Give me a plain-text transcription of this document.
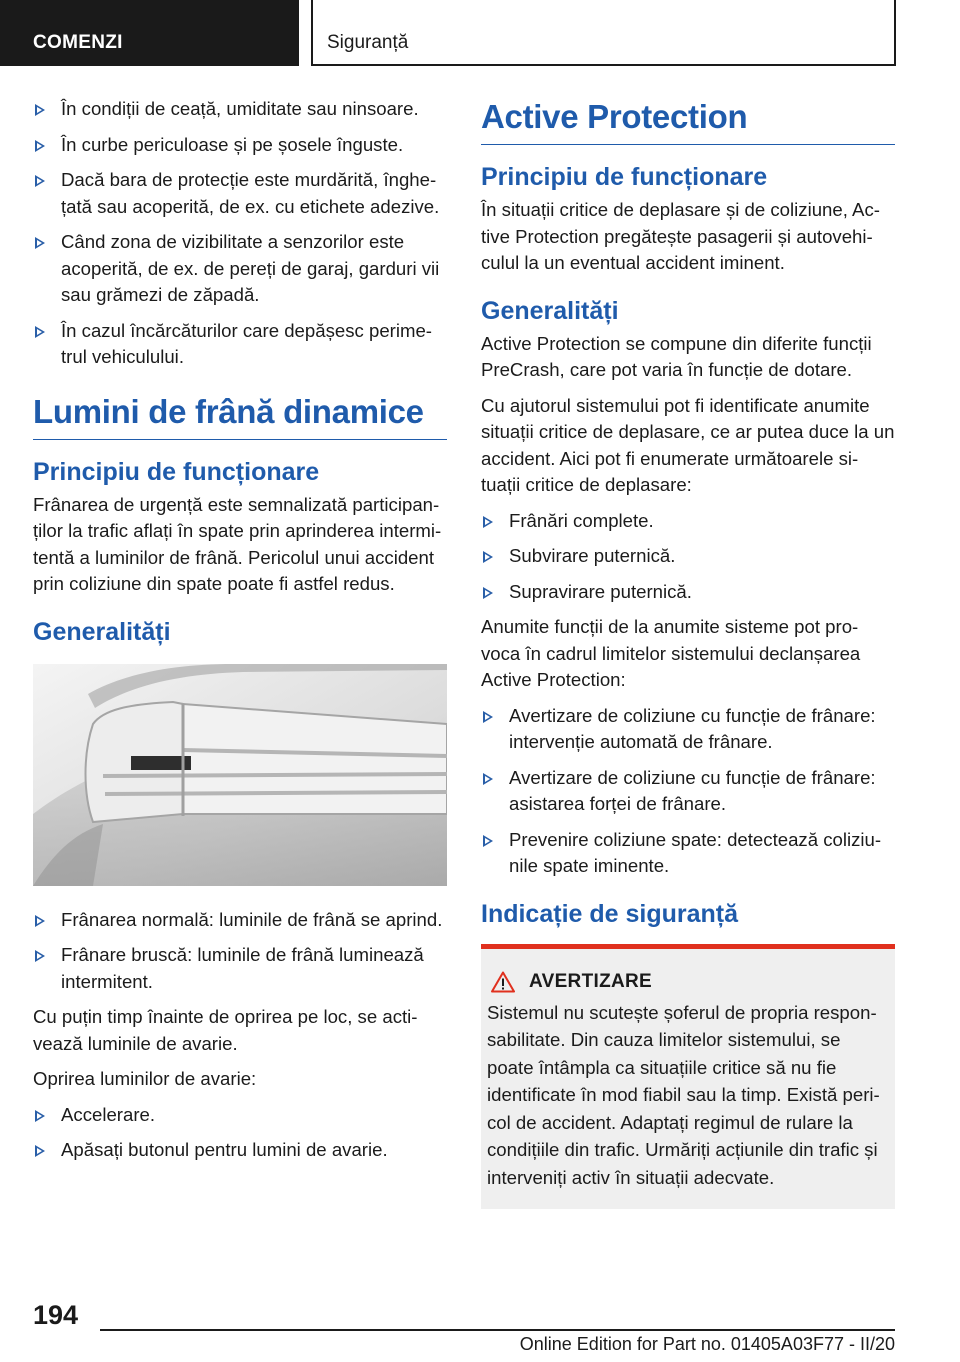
COMENZI	Siguranță
În condiții de ceață, umiditate sau ninsoare.
În curbe periculoase și pe șosele înguste.
Dacă bara de protecție este murdărită, înghe-țată sau acoperită, de ex. cu etichete adezive.
Când zona de vizibilitate a senzorilor este acoperită, de ex. de pereți de garaj, garduri vii sau grămezi de zăpadă.
În cazul încărcăturilor care depășesc perime-trul vehiculului.
Lumini de frână dinamice
Principiu de funcționare

Frânarea de urgență este semnalizată participan-ților la trafic aflați în spate prin aprinderea intermi-tentă a luminilor de frână. Pericolul unui accident prin coliziune din spate poate fi astfel redus.

Generalități
Frânarea normală: luminile de frână se aprind.
Frânare bruscă: luminile de frână luminează intermitent.

Cu puțin timp înainte de oprirea pe loc, se acti-vează luminile de avarie.

Oprirea luminilor de avarie:

Accelerare.
Apăsați butonul pentru lumini de avarie.
Active Protection
Principiu de funcționare

În situații critice de deplasare și de coliziune, Ac-tive Protection pregătește pasagerii și autovehi-culul la un eventual accident iminent.

Generalități

Active Protection se compune din diferite funcții PreCrash, care pot varia în funcție de dotare.

Cu ajutorul sistemului pot fi identificate anumite situații critice de deplasare, ce ar putea duce la un accident. Aici pot fi enumerate următoarele si-tuații critice de deplasare:

Frânări complete.
Subvirare puternică.
Supravirare puternică.

Anumite funcții de la anumite sisteme pot pro-voca în cadrul limitelor sistemului declanșarea Active Protection:

Avertizare de coliziune cu funcție de frânare: intervenție automată de frânare.
Avertizare de coliziune cu funcție de frânare: asistarea forței de frânare.
Prevenire coliziune spate: detectează coliziu-nile spate iminente.
Indicație de siguranță
AVERTIZARE

Sistemul nu scutește șoferul de propria respon-sabilitate. Din cauza limitelor sistemului, se poate întâmpla ca situațiile critice să nu fie identificate în mod fiabil sau la timp. Există peri-col de accident. Adaptați regimul de rulare la condițiile din trafic. Urmăriți acțiunile din trafic și interveniți activ în situații adecvate.

194
Online Edition for Part no. 01405A03F77 - II/20
